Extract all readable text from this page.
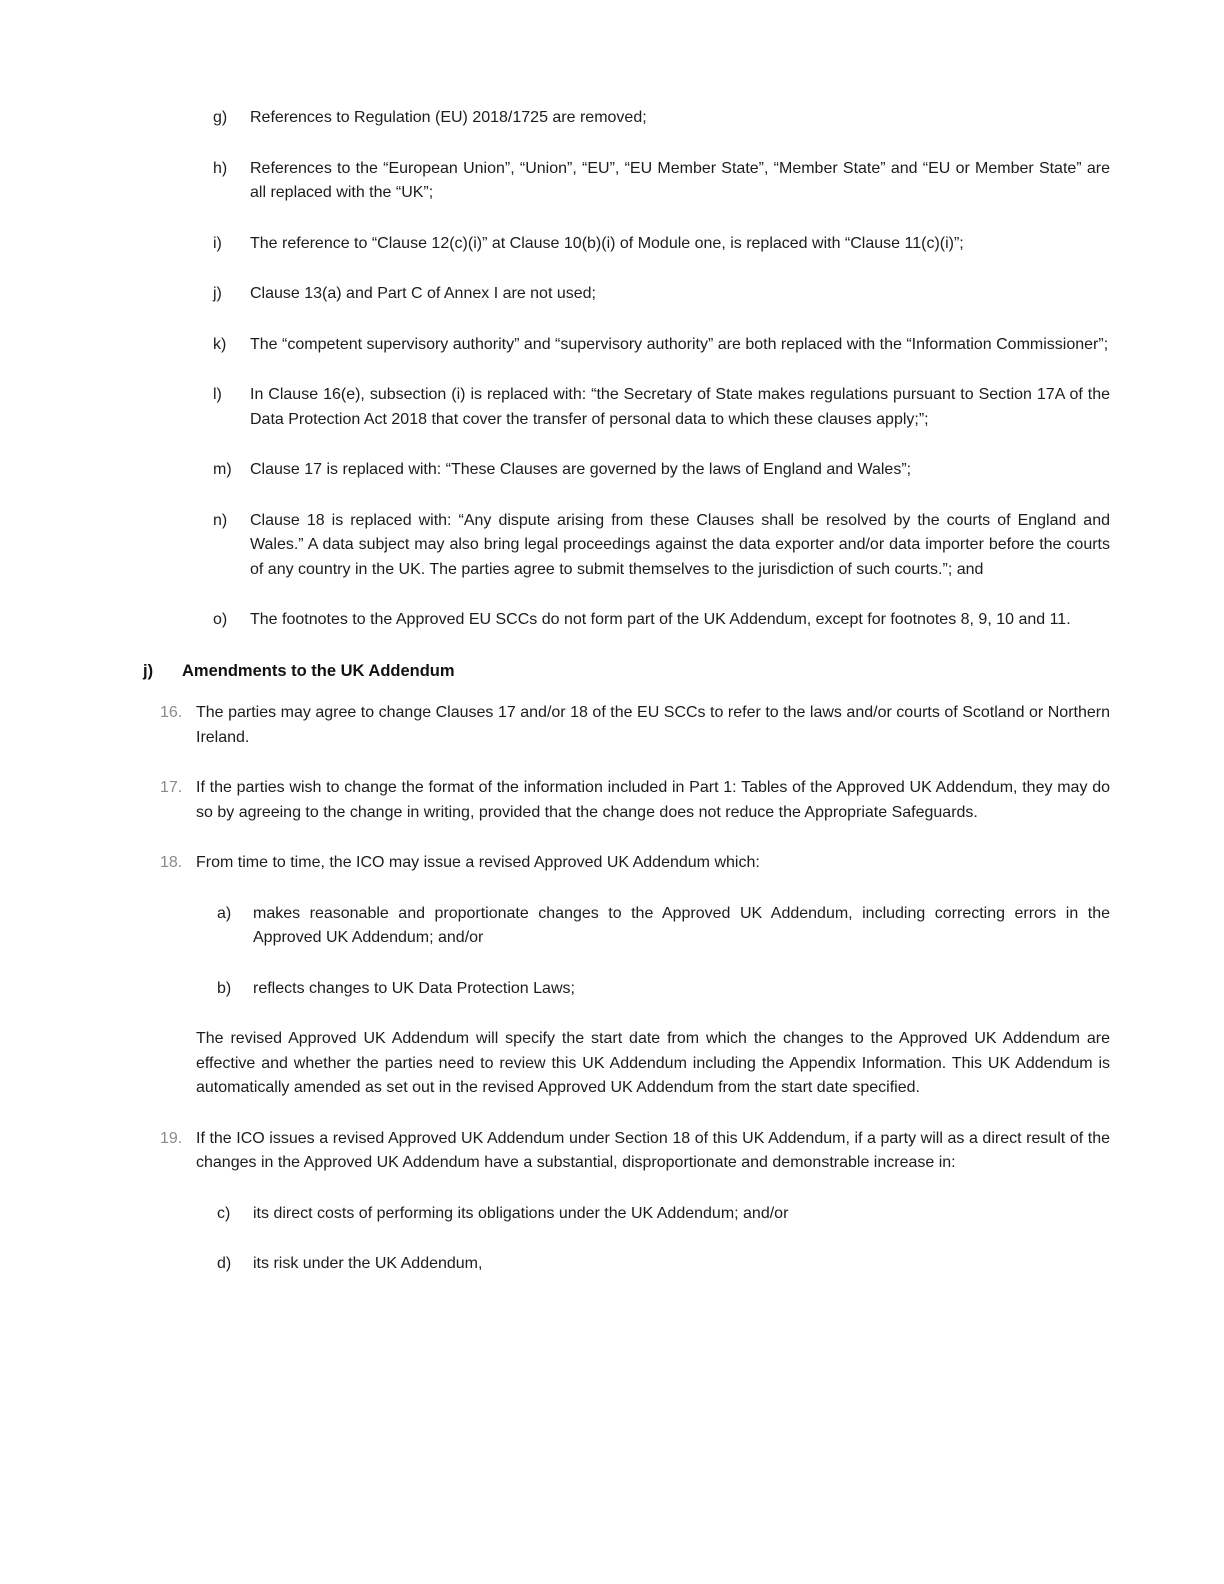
g)	References to Regulation (EU) 2018/1725 are removed;
h)	References to the “European Union”, “Union”, “EU”, “EU Member State”, “Member State” and “EU or Member State” are all replaced with the “UK”;
i)	The reference to “Clause 12(c)(i)” at Clause 10(b)(i) of Module one, is replaced with “Clause 11(c)(i)”;
j)	Clause 13(a) and Part C of Annex I are not used;
k)	The “competent supervisory authority” and “supervisory authority” are both replaced with the “Information Commissioner”;
l)	In Clause 16(e), subsection (i) is replaced with: “the Secretary of State makes regulations pursuant to Section 17A of the Data Protection Act 2018 that cover the transfer of personal data to which these clauses apply;”;
m)	Clause 17 is replaced with: “These Clauses are governed by the laws of England and Wales”;
n)	Clause 18 is replaced with: “Any dispute arising from these Clauses shall be resolved by the courts of England and Wales.” A data subject may also bring legal proceedings against the data exporter and/or data importer before the courts of any country in the UK. The parties agree to submit themselves to the jurisdiction of such courts.”; and
o)	The footnotes to the Approved EU SCCs do not form part of the UK Addendum, except for footnotes 8, 9, 10 and 11.
j)	Amendments to the UK Addendum
16. The parties may agree to change Clauses 17 and/or 18 of the EU SCCs to refer to the laws and/or courts of Scotland or Northern Ireland.
17. If the parties wish to change the format of the information included in Part 1: Tables of the Approved UK Addendum, they may do so by agreeing to the change in writing, provided that the change does not reduce the Appropriate Safeguards.
18. From time to time, the ICO may issue a revised Approved UK Addendum which:
a)	makes reasonable and proportionate changes to the Approved UK Addendum, including correcting errors in the Approved UK Addendum; and/or
b)	reflects changes to UK Data Protection Laws;
The revised Approved UK Addendum will specify the start date from which the changes to the Approved UK Addendum are effective and whether the parties need to review this UK Addendum including the Appendix Information. This UK Addendum is automatically amended as set out in the revised Approved UK Addendum from the start date specified.
19. If the ICO issues a revised Approved UK Addendum under Section 18 of this UK Addendum, if a party will as a direct result of the changes in the Approved UK Addendum have a substantial, disproportionate and demonstrable increase in:
c)	its direct costs of performing its obligations under the UK Addendum; and/or
d)	its risk under the UK Addendum,
